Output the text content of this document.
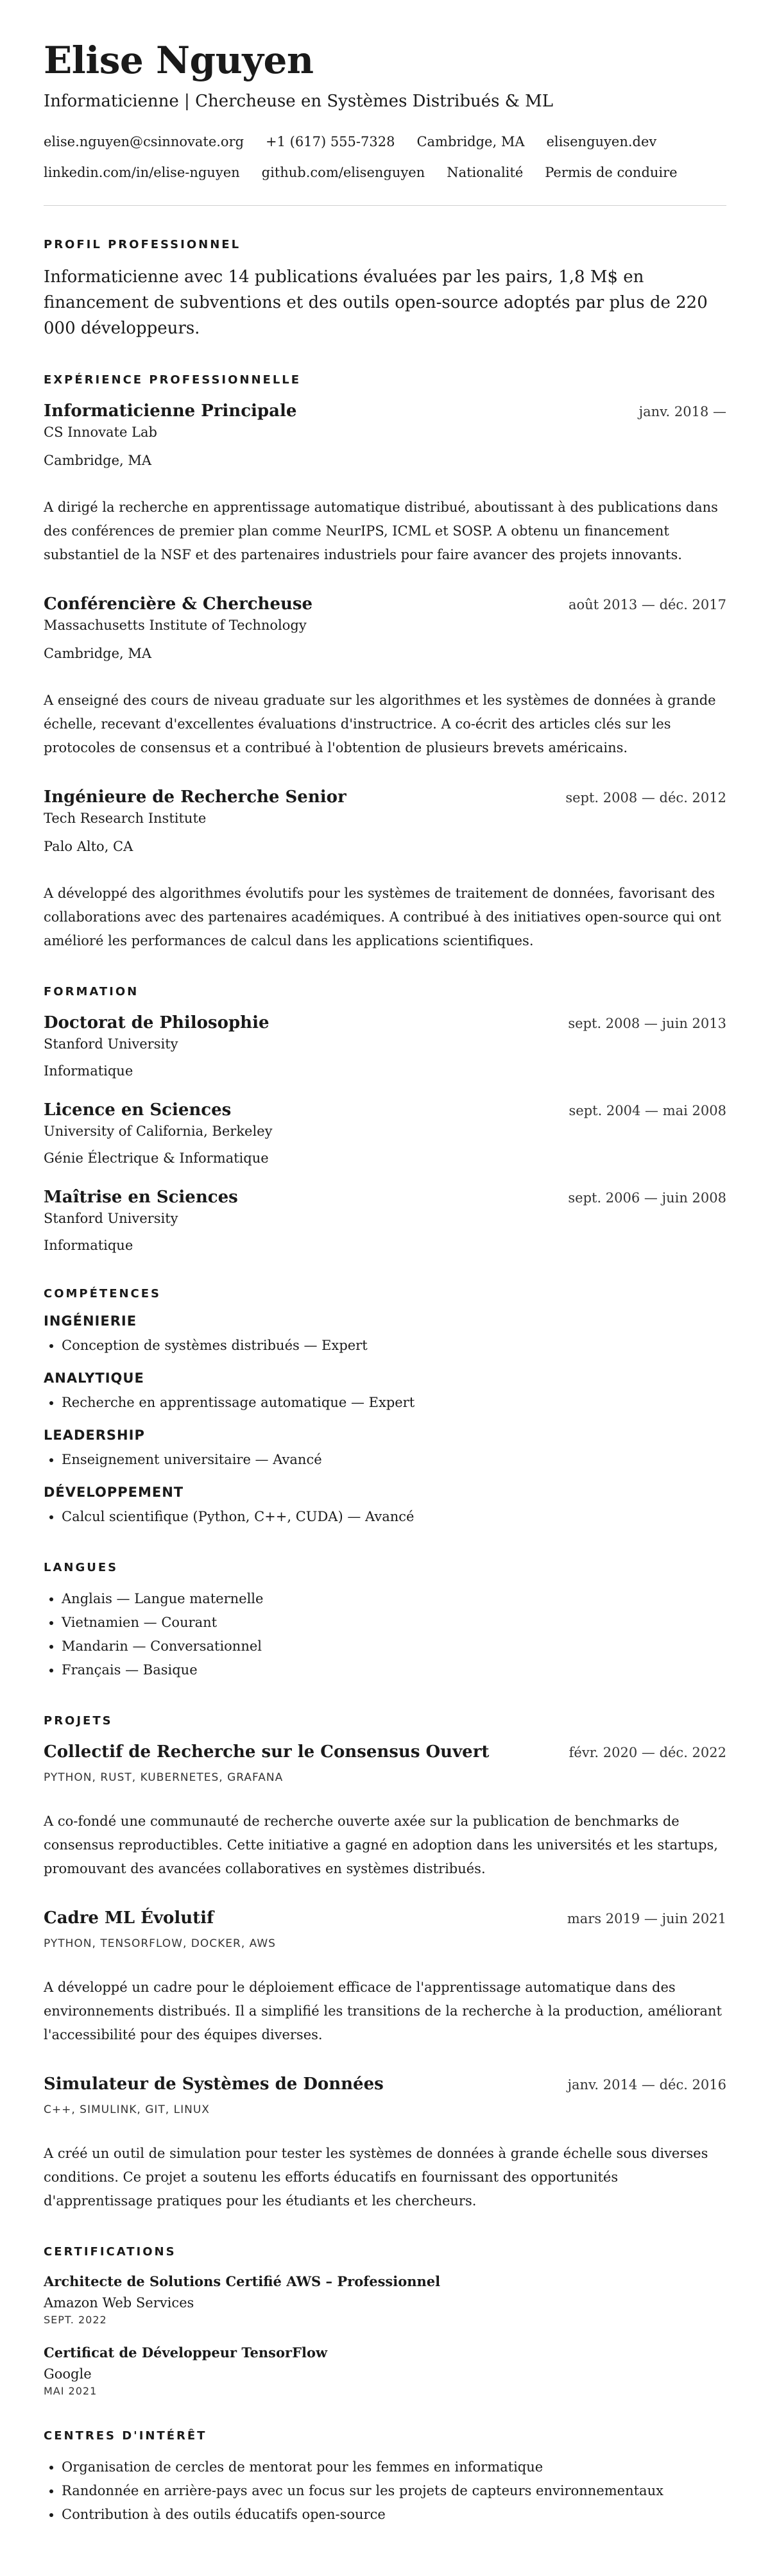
Elise Nguyen
Informaticienne | Chercheuse en Systèmes Distribués & ML
elise.nguyen@csinnovate.org +1 (617) 555-7328 Cambridge, MA elisenguyen.dev
linkedin.com/in/elise-nguyen github.com/elisenguyen Nationalité Permis de conduire
PROFIL PROFESSIONNEL
Informaticienne avec 14 publications évaluées par les pairs, 1,8 M$ en financement de subventions et des outils open-source adoptés par plus de 220 000 développeurs.
EXPÉRIENCE PROFESSIONNELLE
Informaticienne Principale	janv. 2018 —
CS Innovate Lab
Cambridge, MA
A dirigé la recherche en apprentissage automatique distribué, aboutissant à des publications dans des conférences de premier plan comme NeurIPS, ICML et SOSP. A obtenu un financement substantiel de la NSF et des partenaires industriels pour faire avancer des projets innovants.
Conférencière & Chercheuse	août 2013 — déc. 2017
Massachusetts Institute of Technology
Cambridge, MA
A enseigné des cours de niveau graduate sur les algorithmes et les systèmes de données à grande échelle, recevant d'excellentes évaluations d'instructrice. A co-écrit des articles clés sur les protocoles de consensus et a contribué à l'obtention de plusieurs brevets américains.
Ingénieure de Recherche Senior	sept. 2008 — déc. 2012
Tech Research Institute
Palo Alto, CA
A développé des algorithmes évolutifs pour les systèmes de traitement de données, favorisant des collaborations avec des partenaires académiques. A contribué à des initiatives open-source qui ont amélioré les performances de calcul dans les applications scientifiques.
FORMATION
Doctorat de Philosophie	sept. 2008 — juin 2013
Stanford University
Informatique
Licence en Sciences	sept. 2004 — mai 2008
University of California, Berkeley
Génie Électrique & Informatique
Maîtrise en Sciences	sept. 2006 — juin 2008
Stanford University
Informatique
COMPÉTENCES
INGÉNIERIE
• Conception de systèmes distribués — Expert
ANALYTIQUE
• Recherche en apprentissage automatique — Expert
LEADERSHIP
• Enseignement universitaire — Avancé
DÉVELOPPEMENT
• Calcul scientifique (Python, C++, CUDA) — Avancé
LANGUES
• Anglais — Langue maternelle
• Vietnamien — Courant
• Mandarin — Conversationnel
• Français — Basique
PROJETS
Collectif de Recherche sur le Consensus Ouvert	févr. 2020 — déc. 2022
PYTHON, RUST, KUBERNETES, GRAFANA
A co-fondé une communauté de recherche ouverte axée sur la publication de benchmarks de consensus reproductibles. Cette initiative a gagné en adoption dans les universités et les startups, promouvant des avancées collaboratives en systèmes distribués.
Cadre ML Évolutif	mars 2019 — juin 2021
PYTHON, TENSORFLOW, DOCKER, AWS
A développé un cadre pour le déploiement efficace de l'apprentissage automatique dans des environnements distribués. Il a simplifié les transitions de la recherche à la production, améliorant l'accessibilité pour des équipes diverses.
Simulateur de Systèmes de Données	janv. 2014 — déc. 2016
C++, SIMULINK, GIT, LINUX
A créé un outil de simulation pour tester les systèmes de données à grande échelle sous diverses conditions. Ce projet a soutenu les efforts éducatifs en fournissant des opportunités d'apprentissage pratiques pour les étudiants et les chercheurs.
CERTIFICATIONS
Architecte de Solutions Certifié AWS – Professionnel
Amazon Web Services
SEPT. 2022
Certificat de Développeur TensorFlow
Google
MAI 2021
CENTRES D'INTÉRÊT
• Organisation de cercles de mentorat pour les femmes en informatique
• Randonnée en arrière-pays avec un focus sur les projets de capteurs environnementaux
• Contribution à des outils éducatifs open-source
